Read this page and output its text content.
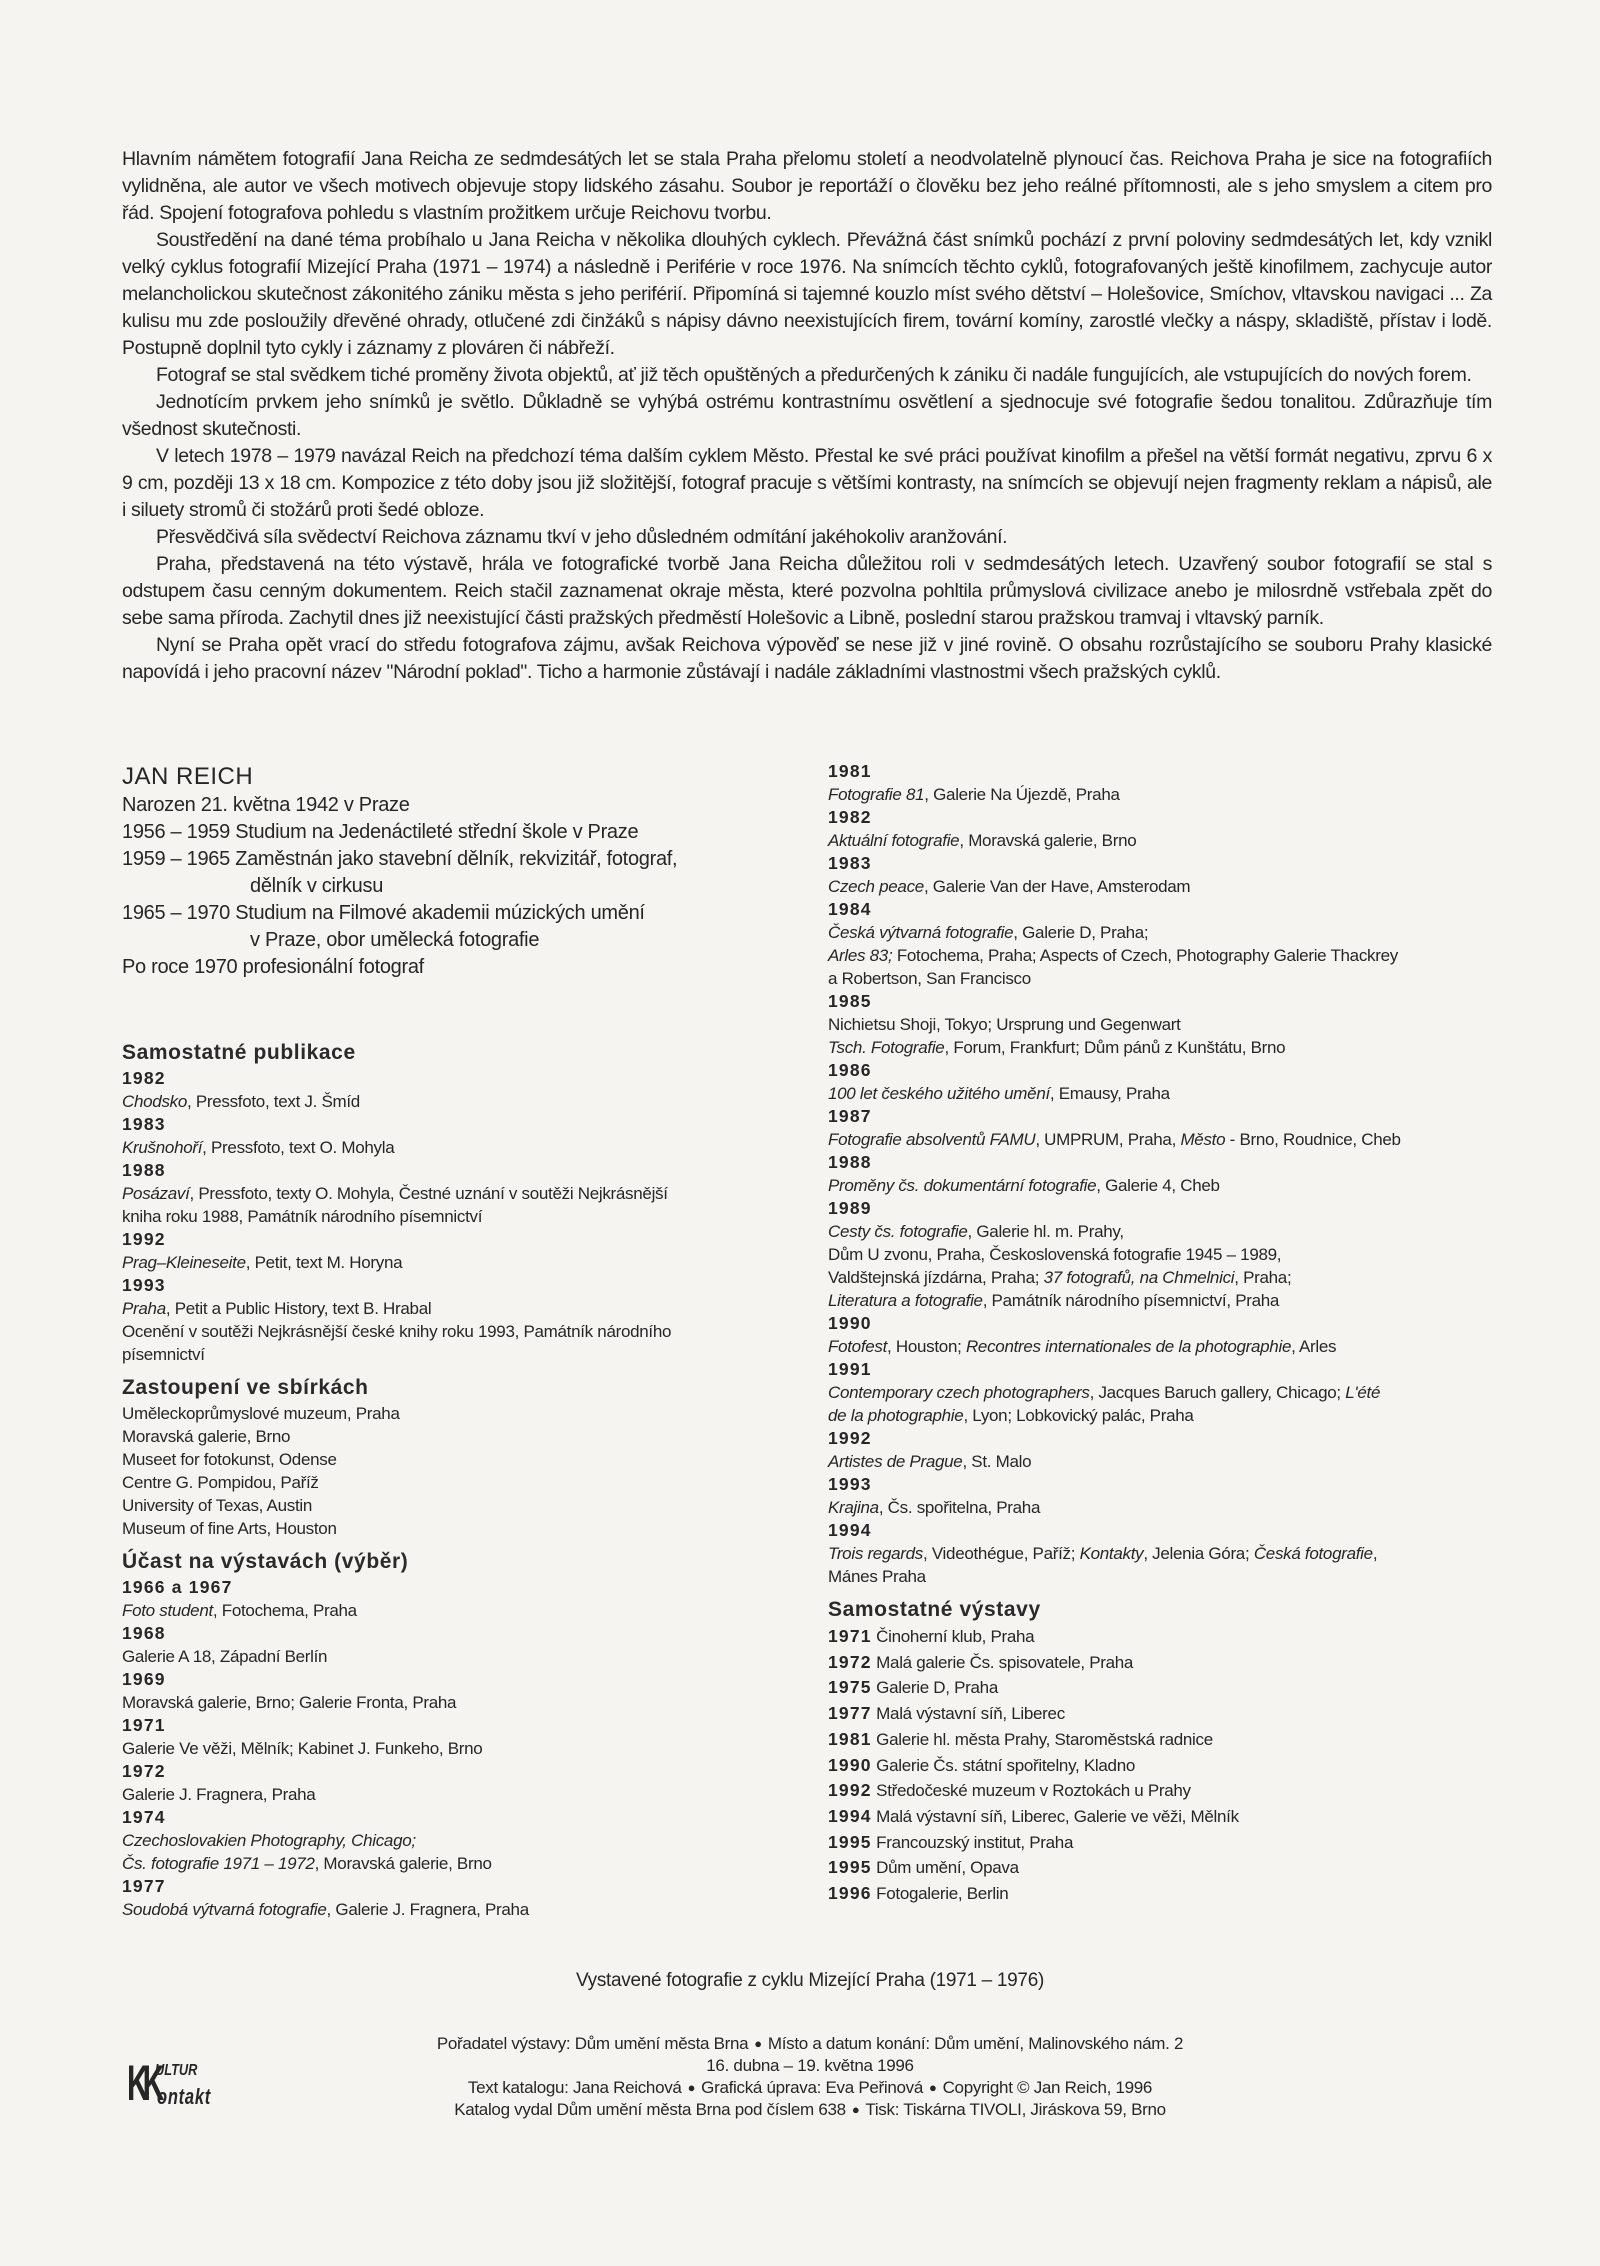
Hlavním námětem fotografií Jana Reicha ze sedmdesátých let se stala Praha přelomu století a neodvolatelně plynoucí čas. Reichova Praha je sice na fotografiích vylidněna, ale autor ve všech motivech objevuje stopy lidského zásahu. Soubor je reportáží o člověku bez jeho reálné přítomnosti, ale s jeho smyslem a citem pro řád. Spojení fotografova pohledu s vlastním prožitkem určuje Reichovu tvorbu.

Soustředění na dané téma probíhalo u Jana Reicha v několika dlouhých cyklech. Převážná část snímků pochází z první poloviny sedmdesátých let, kdy vznikl velký cyklus fotografií Mizející Praha (1971 – 1974) a následně i Periférie v roce 1976. Na snímcích těchto cyklů, fotografovaných ještě kinofilmem, zachycuje autor melancholickou skutečnost zákonitého zániku města s jeho periférií. Připomíná si tajemné kouzlo míst svého dětství – Holešovice, Smíchov, vltavskou navigaci ... Za kulisu mu zde posloužily dřevěné ohrady, otlučené zdi činžáků s nápisy dávno neexistujících firem, tovární komíny, zarostlé vlečky a náspy, skladiště, přístav i lodě. Postupně doplnil tyto cykly i záznamy z plováren či nábřeží.

Fotograf se stal svědkem tiché proměny života objektů, ať již těch opuštěných a předurčených k zániku či nadále fungujících, ale vstupujících do nových forem.

Jednotícím prvkem jeho snímků je světlo. Důkladně se vyhýbá ostrému kontrastnímu osvětlení a sjednocuje své fotografie šedou tonalitou. Zdůrazňuje tím všednost skutečnosti.

V letech 1978 – 1979 navázal Reich na předchozí téma dalším cyklem Město. Přestal ke své práci používat kinofilm a přešel na větší formát negativu, zprvu 6 x 9 cm, později 13 x 18 cm. Kompozice z této doby jsou již složitější, fotograf pracuje s většími kontrasty, na snímcích se objevují nejen fragmenty reklam a nápisů, ale i siluety stromů či stožárů proti šedé obloze.

Přesvědčivá síla svědectví Reichova záznamu tkví v jeho důsledném odmítání jakéhokoliv aranžování.

Praha, představená na této výstavě, hrála ve fotografické tvorbě Jana Reicha důležitou roli v sedmdesátých letech. Uzavřený soubor fotografií se stal s odstupem času cenným dokumentem. Reich stačil zaznamenat okraje města, které pozvolna pohltila průmyslová civilizace anebo je milosrdně vstřebala zpět do sebe sama příroda. Zachytil dnes již neexistující části pražských předměstí Holešovic a Libně, poslední starou pražskou tramvaj i vltavský parník.

Nyní se Praha opět vrací do středu fotografova zájmu, avšak Reichova výpověď se nese již v jiné rovině. O obsahu rozrůstajícího se souboru Prahy klasické napovídá i jeho pracovní název "Národní poklad". Ticho a harmonie zůstávají i nadále základními vlastnostmi všech pražských cyklů.

JAN REICH
Narozen 21. května 1942 v Praze
1956 – 1959 Studium na Jedenáctileté střední škole v Praze
1959 – 1965 Zaměstnán jako stavební dělník, rekvizitář, fotograf,
dělník v cirkusu
1965 – 1970 Studium na Filmové akademii múzických umění
v Praze, obor umělecká fotografie
Po roce 1970 profesionální fotograf
Samostatné publikace
1982
Chodsko, Pressfoto, text J. Šmíd
1983
Krušnohoří, Pressfoto, text O. Mohyla
1988
Posázaví, Pressfoto, texty O. Mohyla, Čestné uznání v soutěži Nejkrásnější
kniha roku 1988, Památník národního písemnictví
1992
Prag–Kleineseite, Petit, text M. Horyna
1993
Praha, Petit a Public History, text B. Hrabal
Ocenění v soutěži Nejkrásnější české knihy roku 1993, Památník národního
písemnictví
Zastoupení ve sbírkách
Uměleckoprůmyslové muzeum, Praha
Moravská galerie, Brno
Museet for fotokunst, Odense
Centre G. Pompidou, Paříž
University of Texas, Austin
Museum of fine Arts, Houston
Účast na výstavách (výběr)
1966 a 1967
Foto student, Fotochema, Praha
1968
Galerie A 18, Západní Berlín
1969
Moravská galerie, Brno; Galerie Fronta, Praha
1971
Galerie Ve věži, Mělník; Kabinet J. Funkeho, Brno
1972
Galerie J. Fragnera, Praha
1974
Czechoslovakien Photography, Chicago;
Čs. fotografie 1971 – 1972, Moravská galerie, Brno
1977
Soudobá výtvarná fotografie, Galerie J. Fragnera, Praha
1981
Fotografie 81, Galerie Na Újezdě, Praha
1982
Aktuální fotografie, Moravská galerie, Brno
1983
Czech peace, Galerie Van der Have, Amsterodam
1984
Česká výtvarná fotografie, Galerie D, Praha;
Arles 83; Fotochema, Praha; Aspects of Czech, Photography Galerie Thackrey
a Robertson, San Francisco
1985
Nichietsu Shoji, Tokyo; Ursprung und Gegenwart
Tsch. Fotografie, Forum, Frankfurt; Dům pánů z Kunštátu, Brno
1986
100 let českého užitého umění, Emausy, Praha
1987
Fotografie absolventů FAMU, UMPRUM, Praha, Město - Brno, Roudnice, Cheb
1988
Proměny čs. dokumentární fotografie, Galerie 4, Cheb
1989
Cesty čs. fotografie, Galerie hl. m. Prahy,
Dům U zvonu, Praha, Československá fotografie 1945 – 1989,
Valdštejnská jízdárna, Praha; 37 fotografů, na Chmelnici, Praha;
Literatura a fotografie, Památník národního písemnictví, Praha
1990
Fotofest, Houston; Recontres internationales de la photographie, Arles
1991
Contemporary czech photographers, Jacques Baruch gallery, Chicago; L'été
de la photographie, Lyon; Lobkovický palác, Praha
1992
Artistes de Prague, St. Malo
1993
Krajina, Čs. spořitelna, Praha
1994
Trois regards, Videothégue, Paříž; Kontakty, Jelenia Góra; Česká fotografie,
Mánes Praha
Samostatné výstavy
1971 Činoherní klub, Praha
1972 Malá galerie Čs. spisovatele, Praha
1975 Galerie D, Praha
1977 Malá výstavní síň, Liberec
1981 Galerie hl. města Prahy, Staroměstská radnice
1990 Galerie Čs. státní spořitelny, Kladno
1992 Středočeské muzeum v Roztokách u Prahy
1994 Malá výstavní síň, Liberec, Galerie ve věži, Mělník
1995 Francouzský institut, Praha
1995 Dům umění, Opava
1996 Fotogalerie, Berlin
Vystavené fotografie z cyklu Mizející Praha (1971 – 1976)
Pořadatel výstavy: Dům umění města Brna ● Místo a datum konání: Dům umění, Malinovského nám. 2
16. dubna – 19. května 1996
Text katalogu: Jana Reichová ● Grafická úprava: Eva Peřinová ● Copyright © Jan Reich, 1996
Katalog vydal Dům umění města Brna pod číslem 638 ● Tisk: Tiskárna TIVOLI, Jiráskova 59, Brno
KK
ULTUR
ontakt
